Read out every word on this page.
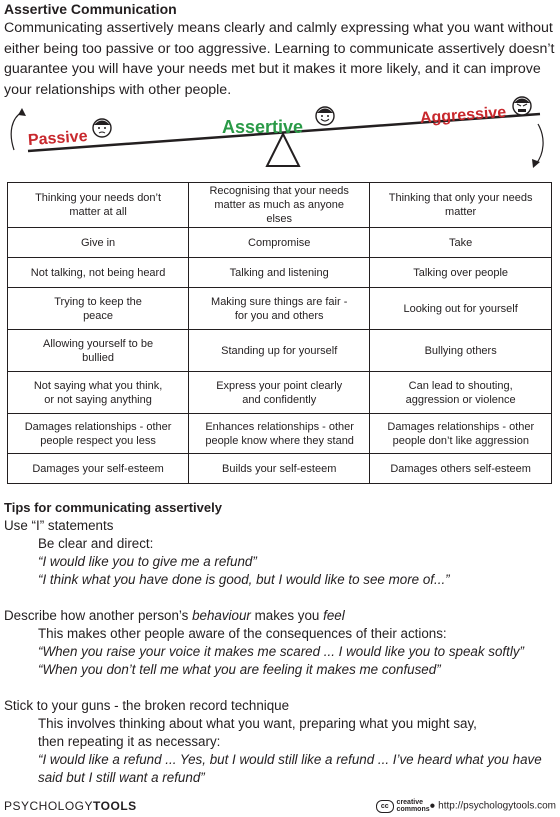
Assertive Communication
Communicating assertively means clearly and calmly expressing what you want without
either being too passive or too aggressive. Learning to communicate assertively doesn’t
guarantee you will have your needs met but it makes it more likely, and it can improve
your relationships with other people.
Passive
Assertive
Aggressive
Thinking your needs don’t matter at all	Recognising that your needs matter as much as anyone elses	Thinking that only your needs matter
Give in	Compromise	Take
Not talking, not being heard	Talking and listening	Talking over people
Trying to keep the peace	Making sure things are fair - for you and others	Looking out for yourself
Allowing yourself to be bullied	Standing up for yourself	Bullying others
Not saying what you think, or not saying anything	Express your point clearly and confidently	Can lead to shouting, aggression or violence
Damages relationships - other people respect you less	Enhances relationships - other people know where they stand	Damages relationships - other people don’t like aggression
Damages your self-esteem	Builds your self-esteem	Damages others self-esteem
Tips for communicating assertively
Use “I” statements
Be clear and direct:
“I would like you to give me a refund”
“I think what you have done is good, but I would like to see more of...”
Describe how another person’s behaviour makes you feel
This makes other people aware of the consequences of their actions:
“When you raise your voice it makes me scared ... I would like you to speak softly”
“When you don’t tell me what you are feeling it makes me confused”
Stick to your guns - the broken record technique
This involves thinking about what you want, preparing what you might say,
then repeating it as necessary:
“I would like a refund ... Yes, but I would still like a refund ... I’ve heard what you have
said but I still want a refund”
PSYCHOLOGYTOOLS	cc creative commons ● http://psychologytools.com
